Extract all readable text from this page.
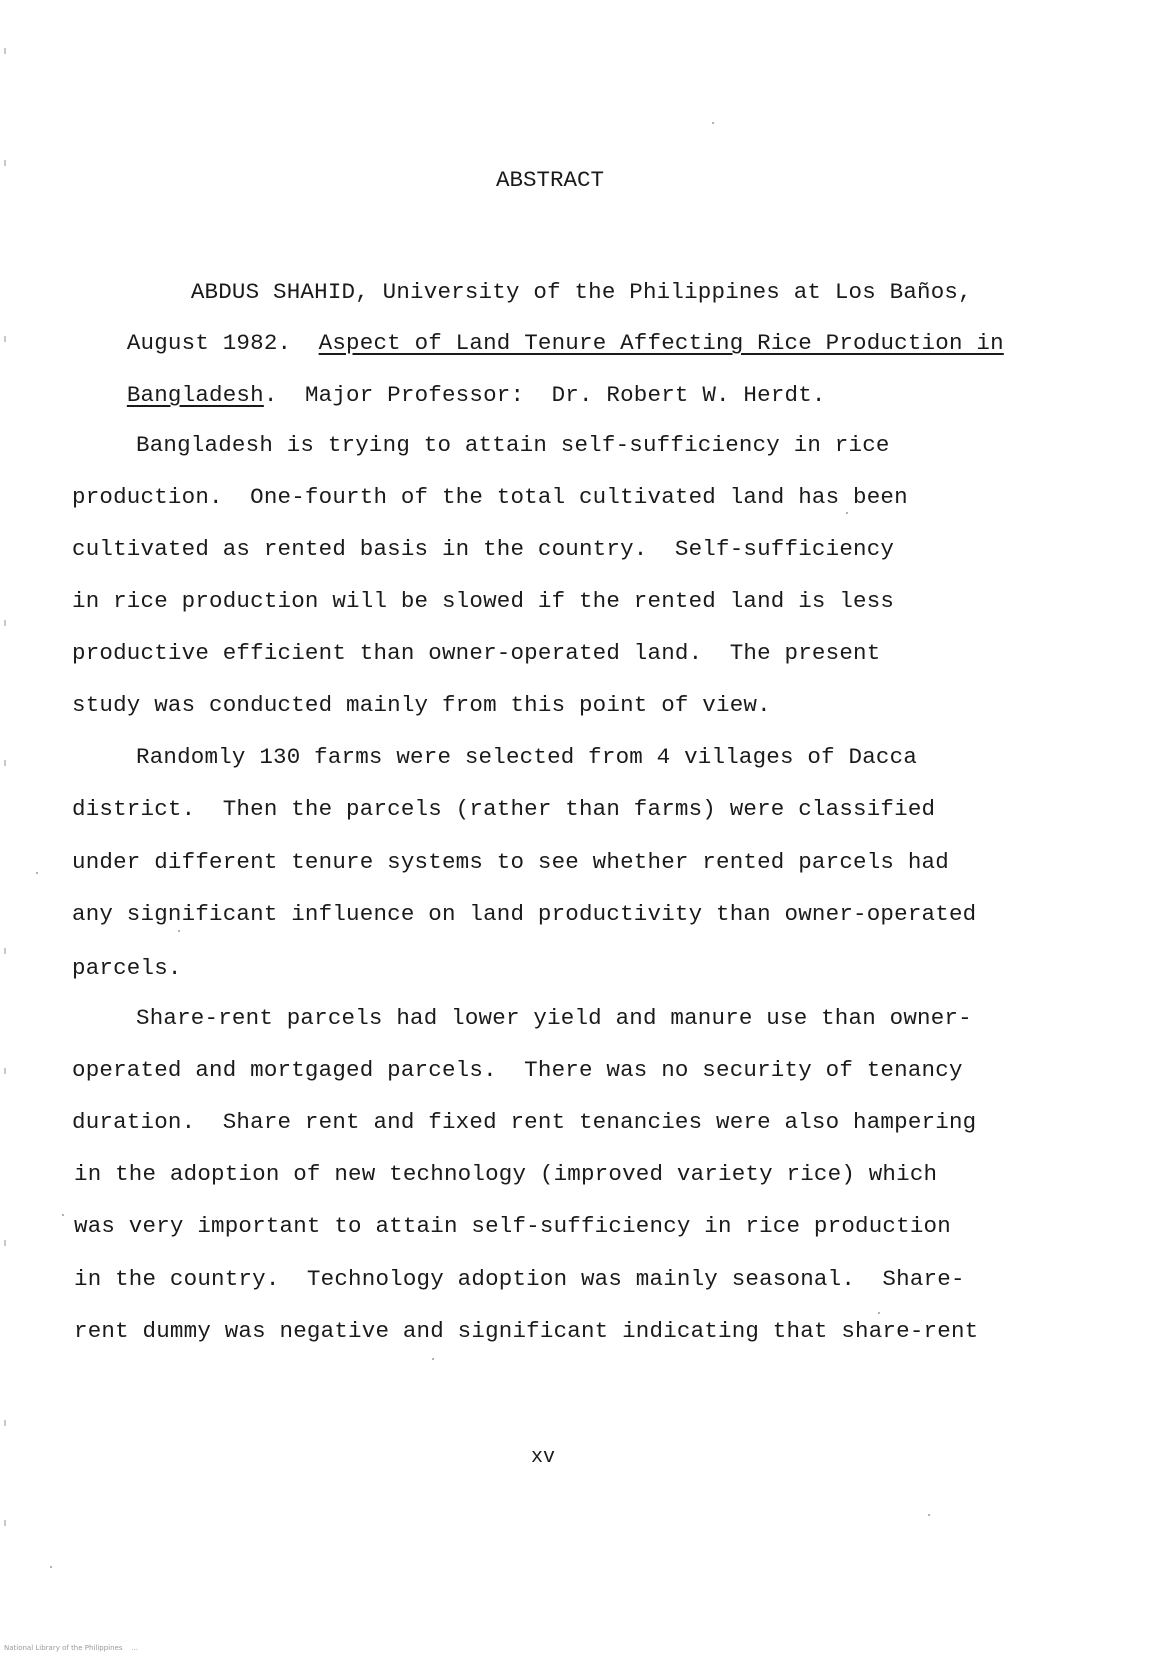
ABSTRACT

ABDUS SHAHID, University of the Philippines at Los Baños,

August 1982.  Aspect of Land Tenure Affecting Rice Production in

Bangladesh.  Major Professor:  Dr. Robert W. Herdt.

Bangladesh is trying to attain self-sufficiency in rice
production.  One-fourth of the total cultivated land has been
cultivated as rented basis in the country.  Self-sufficiency
in rice production will be slowed if the rented land is less
productive efficient than owner-operated land.  The present
study was conducted mainly from this point of view.
Randomly 130 farms were selected from 4 villages of Dacca
district.  Then the parcels (rather than farms) were classified
under different tenure systems to see whether rented parcels had
any significant influence on land productivity than owner-operated
parcels.
Share-rent parcels had lower yield and manure use than owner-
operated and mortgaged parcels.  There was no security of tenancy
duration.  Share rent and fixed rent tenancies were also hampering
in the adoption of new technology (improved variety rice) which
was very important to attain self-sufficiency in rice production
in the country.  Technology adoption was mainly seasonal.  Share-
rent dummy was negative and significant indicating that share-rent
xv
National Library of the Philippines    ...
